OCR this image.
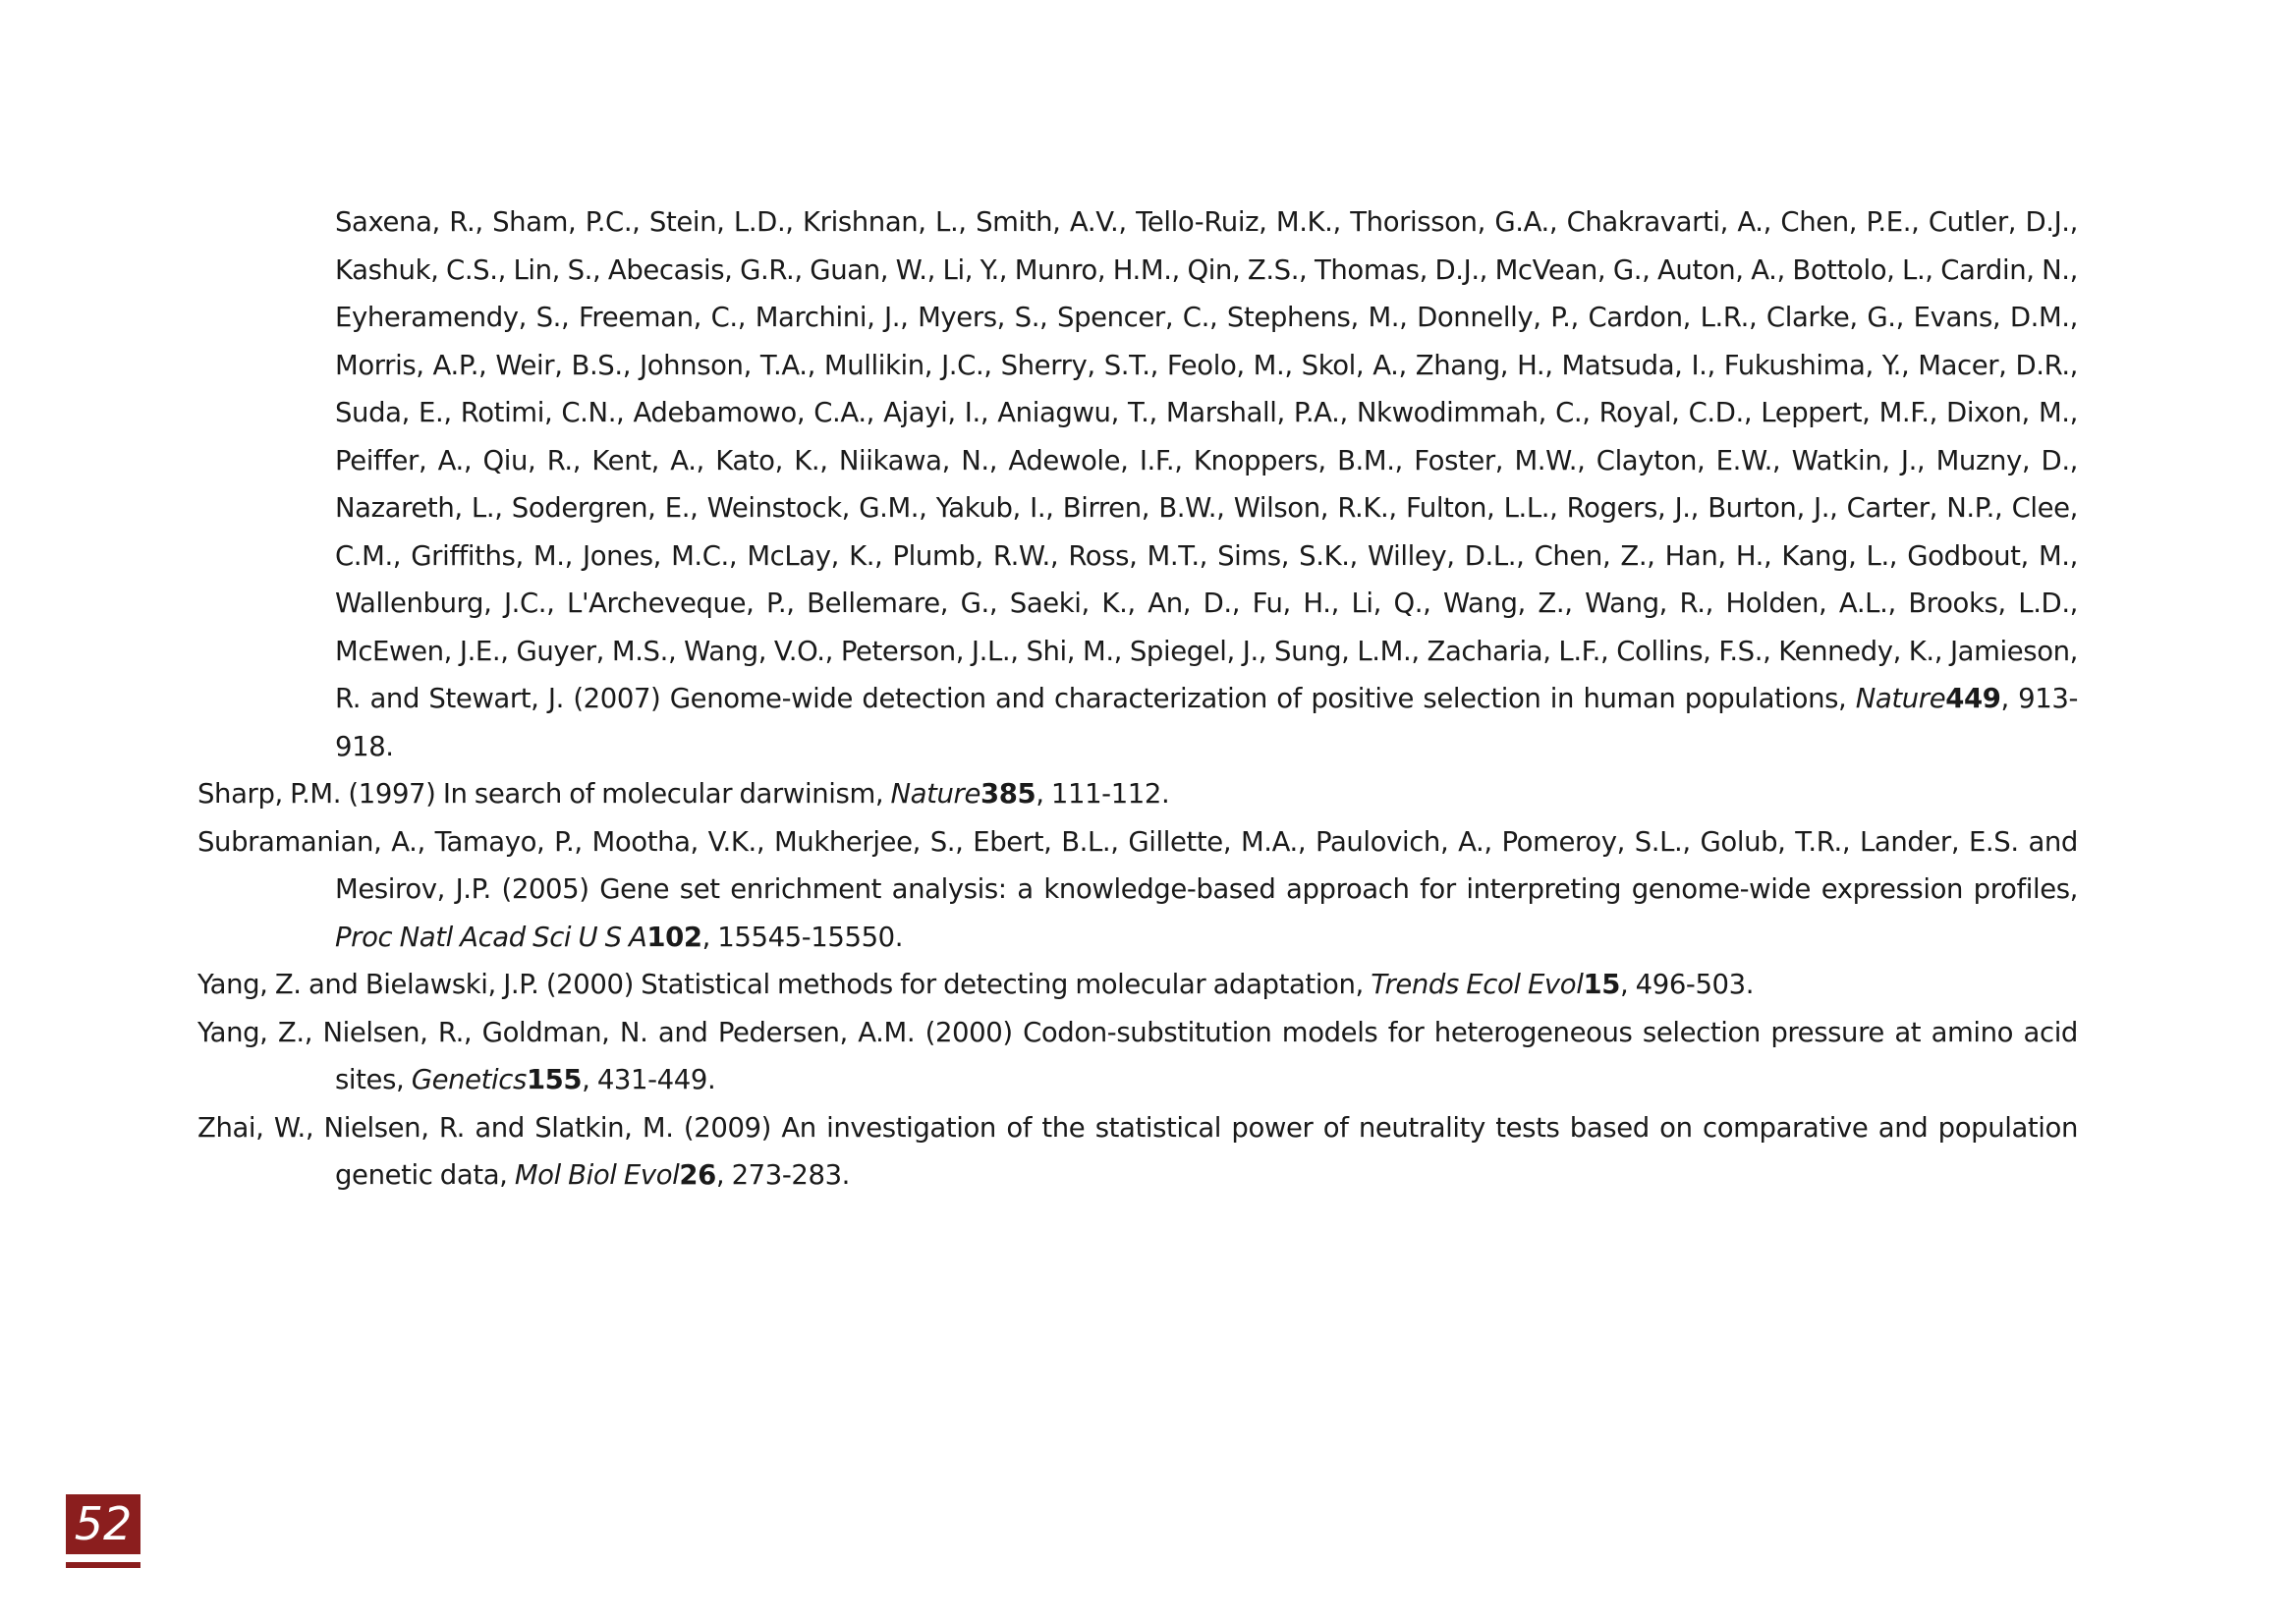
Saxena, R., Sham, P.C., Stein, L.D., Krishnan, L., Smith, A.V., Tello-Ruiz, M.K., Thorisson, G.A., Chakravarti, A., Chen, P.E., Cutler, D.J., Kashuk, C.S., Lin, S., Abecasis, G.R., Guan, W., Li, Y., Munro, H.M., Qin, Z.S., Thomas, D.J., McVean, G., Auton, A., Bottolo, L., Cardin, N., Eyheramendy, S., Freeman, C., Marchini, J., Myers, S., Spencer, C., Stephens, M., Donnelly, P., Cardon, L.R., Clarke, G., Evans, D.M., Morris, A.P., Weir, B.S., Johnson, T.A., Mullikin, J.C., Sherry, S.T., Feolo, M., Skol, A., Zhang, H., Matsuda, I., Fukushima, Y., Macer, D.R., Suda, E., Rotimi, C.N., Adebamowo, C.A., Ajayi, I., Aniagwu, T., Marshall, P.A., Nkwodimmah, C., Royal, C.D., Leppert, M.F., Dixon, M., Peiffer, A., Qiu, R., Kent, A., Kato, K., Niikawa, N., Adewole, I.F., Knoppers, B.M., Foster, M.W., Clayton, E.W., Watkin, J., Muzny, D., Nazareth, L., Sodergren, E., Weinstock, G.M., Yakub, I., Birren, B.W., Wilson, R.K., Fulton, L.L., Rogers, J., Burton, J., Carter, N.P., Clee, C.M., Griffiths, M., Jones, M.C., McLay, K., Plumb, R.W., Ross, M.T., Sims, S.K., Willey, D.L., Chen, Z., Han, H., Kang, L., Godbout, M., Wallenburg, J.C., L'Archeveque, P., Bellemare, G., Saeki, K., An, D., Fu, H., Li, Q., Wang, Z., Wang, R., Holden, A.L., Brooks, L.D., McEwen, J.E., Guyer, M.S., Wang, V.O., Peterson, J.L., Shi, M., Spiegel, J., Sung, L.M., Zacharia, L.F., Collins, F.S., Kennedy, K., Jamieson, R. and Stewart, J. (2007) Genome-wide detection and characterization of positive selection in human populations, Nature449, 913-918.

Sharp, P.M. (1997) In search of molecular darwinism, Nature385, 111-112.

Subramanian, A., Tamayo, P., Mootha, V.K., Mukherjee, S., Ebert, B.L., Gillette, M.A., Paulovich, A., Pomeroy, S.L., Golub, T.R., Lander, E.S. and Mesirov, J.P. (2005) Gene set enrichment analysis: a knowledge-based approach for interpreting genome-wide expression profiles, Proc Natl Acad Sci U S A102, 15545-15550.

Yang, Z. and Bielawski, J.P. (2000) Statistical methods for detecting molecular adaptation, Trends Ecol Evol15, 496-503.

Yang, Z., Nielsen, R., Goldman, N. and Pedersen, A.M. (2000) Codon-substitution models for heterogeneous selection pressure at amino acid sites, Genetics155, 431-449.

Zhai, W., Nielsen, R. and Slatkin, M. (2009) An investigation of the statistical power of neutrality tests based on comparative and population genetic data, Mol Biol Evol26, 273-283.

52
